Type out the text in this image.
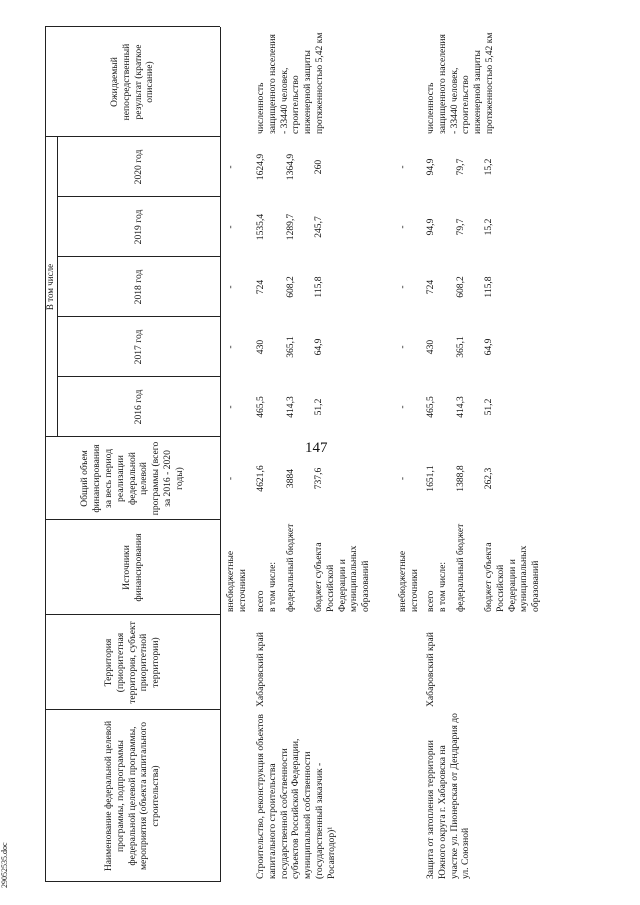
147
29052535.doc	Наименование федеральной целевой программы, подпрограммы федеральной целевой программы, мероприятия (объекта капитального строительства)
Территория (приоритетная территория, субъект приоритетной территории)
Источники финансирования
Общий объем финансирования за весь период реализации федеральной целевой программы (всего за 2016 - 2020 годы)
В том числе
2016 год
2017 год
2018 год
2019 год
2020 год
Ожидаемый непосредственный результат (краткое описание)
внебюджетные источники
-
-
-
-
-
-
Строительство, реконструкция объектов капитального строительства государственной собственности субъектов Российской Федерации, муниципальной собственности (государственный заказчик - Росавтодор)¹
Хабаровский край
численность защищенного населения - 33440 человек, строительство инженерной защиты протяженностью 5,42 км
всего
в том числе:
4621,6
465,5
430
724
1535,4
1624,9
федеральный бюджет
3884
414,3
365,1
608,2
1289,7
1364,9
бюджет субъекта Российской Федерации и муниципальных образований
737,6
51,2
64,9
115,8
245,7
260
внебюджетные источники
-
-
-
-
-
-
Защита от затопления территории Южного округа г. Хабаровска на участке ул. Пионерская от Дендрария до ул. Союзной
Хабаровский край
численность защищенного населения - 33440 человек, строительство инженерной защиты протяженностью 5,42 км
всего
в том числе:
1651,1
465,5
430
724
94,9
94,9
федеральный бюджет
1388,8
414,3
365,1
608,2
79,7
79,7
бюджет субъекта Российской Федерации и муниципальных образований
262,3
51,2
64,9
115,8
15,2
15,2
